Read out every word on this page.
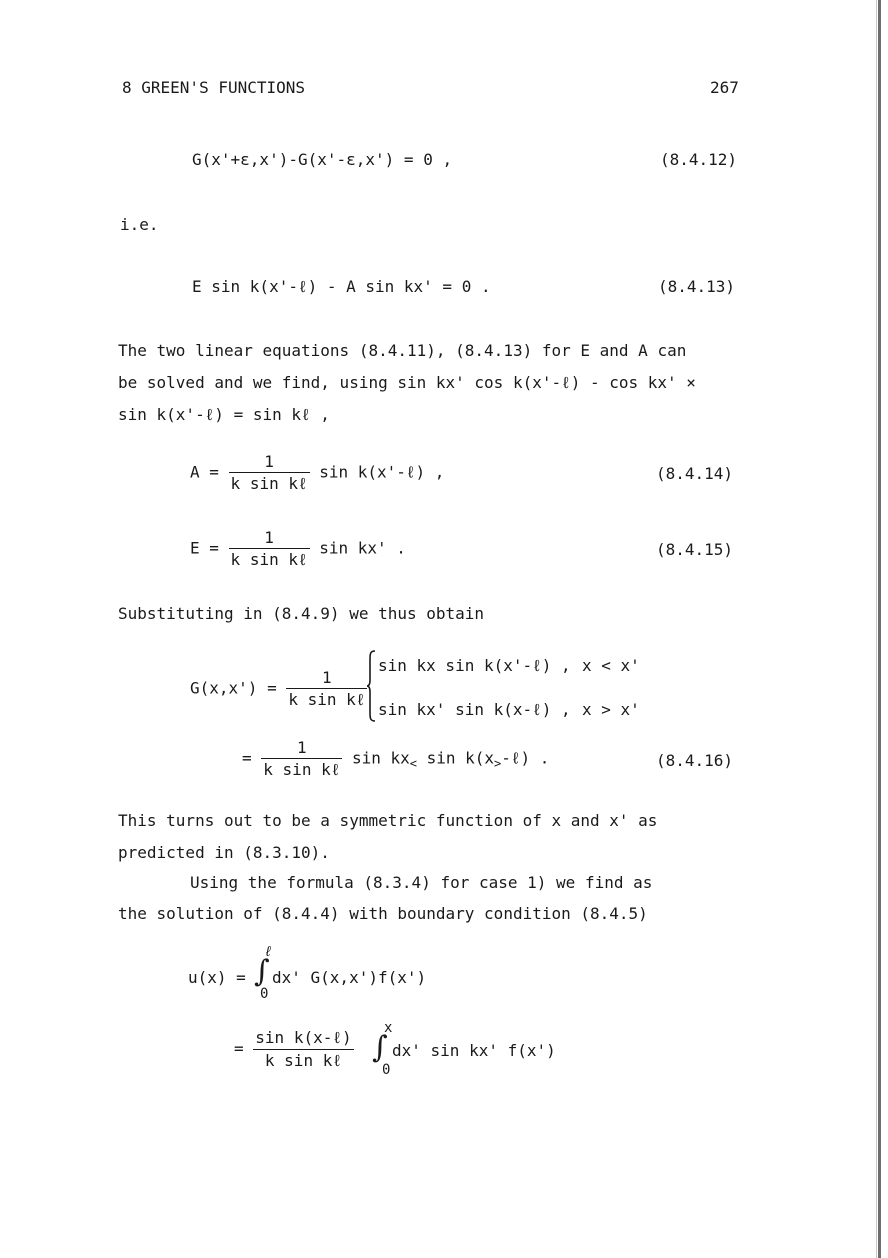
8 GREEN'S FUNCTIONS	267
G(x'+ε,x')-G(x'-ε,x') = 0 ,	(8.4.12)
i.e.
E sin k(x'-ℓ) - A sin kx' = 0 .	(8.4.13)
The two linear equations (8.4.11), (8.4.13) for E and A can
be solved and we find, using sin kx' cos k(x'-ℓ) - cos kx' ×
sin k(x'-ℓ) = sin kℓ ,
$A = \frac{1}{\text{k sin kℓ}}$ sin k(x'-ℓ) ,	(8.4.14)
$E = \frac{1}{\text{k sin kℓ}}$ sin kx' .	(8.4.15)
Substituting in (8.4.9) we thus obtain
$G(x,x') = \frac{1}{\text{k sin kℓ}}$
sin kx sin k(x'-ℓ) , x < x'
sin kx' sin k(x-ℓ) , x > x'
= $\frac{1}{\text{k sin kℓ}}$ $\sin kx_<$ $\sin k(x_>-\ell)$ .	(8.4.16)
This turns out to be a symmetric function of x and x' as
predicted in (8.3.10).
Using the formula (8.3.4) for case 1) we find as
the solution of (8.4.4) with boundary condition (8.4.5)
u(x) = ∫
ℓ
0
dx' G(x,x')f(x')
= $\frac{\text{sin k(x-ℓ)}}{\text{k sin kℓ}}$ ∫
x
0
dx' sin kx' f(x')
